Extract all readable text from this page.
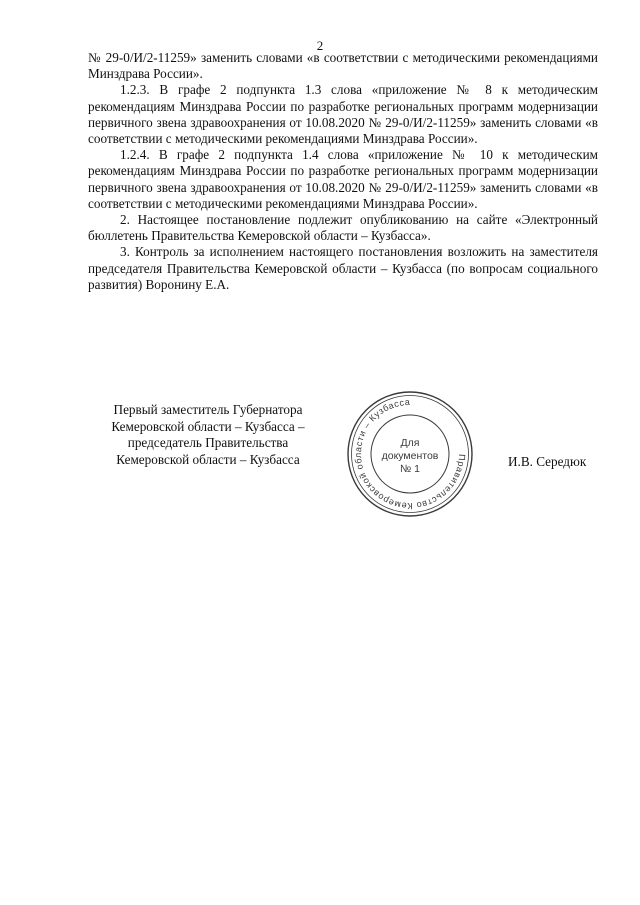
2

№ 29-0/И/2-11259» заменить словами «в соответствии с методическими рекомендациями Минздрава России».

1.2.3. В графе 2 подпункта 1.3 слова «приложение № 8 к методическим рекомендациям Минздрава России по разработке региональных программ модернизации первичного звена здравоохранения от 10.08.2020 № 29-0/И/2-11259» заменить словами «в соответствии с методическими рекомендациями Минздрава России».

1.2.4. В графе 2 подпункта 1.4 слова «приложение № 10 к методическим рекомендациям Минздрава России по разработке региональных программ модернизации первичного звена здравоохранения от 10.08.2020 № 29-0/И/2-11259» заменить словами «в соответствии с методическими рекомендациями Минздрава России».

2. Настоящее постановление подлежит опубликованию на сайте «Электронный бюллетень Правительства Кемеровской области – Кузбасса».

3. Контроль за исполнением настоящего постановления возложить на заместителя председателя Правительства Кемеровской области – Кузбасса (по вопросам социального развития) Воронину Е.А.

Первый заместитель Губернатора
Кемеровской области – Кузбасса –
председатель Правительства
Кемеровской области – Кузбасса	Правительство Кемеровской области – Кузбасса
Для
документов
№ 1	И.В. Середюк
